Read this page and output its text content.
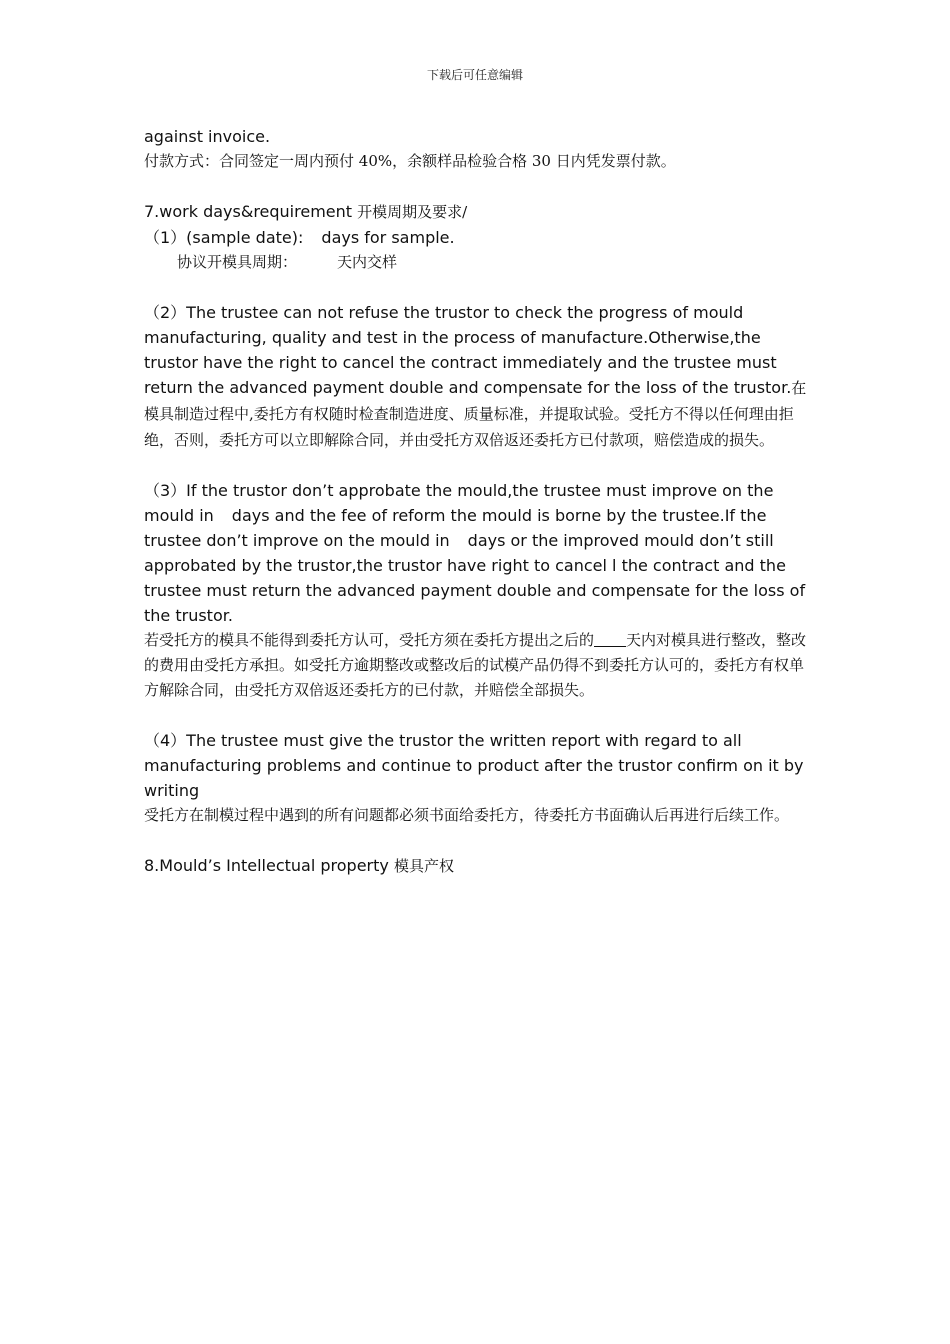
下载后可任意编辑

against invoice.

付款方式：合同签定一周内预付 40%，余额样品检验合格 30 日内凭发票付款。

7.work days&requirement 开模周期及要求/

（1）(sample date): days for sample.

协议开模具周期：	天内交样

（2）The trustee can not refuse the trustor to check the progress of mould manufacturing, quality and test in the process of manufacture.Otherwise,the trustor have the right to cancel the contract immediately and the trustee must return the advanced payment double and compensate for the loss of the trustor.在模具制造过程中,委托方有权随时检查制造进度、质量标准，并提取试验。受托方不得以任何理由拒绝，否则，委托方可以立即解除合同，并由受托方双倍返还委托方已付款项，赔偿造成的损失。

（3）If the trustor don’t approbate the mould,the trustee must improve on the mould in days and the fee of reform the mould is borne by the trustee.If the trustee don’t improve on the mould in days or the improved mould don’t still approbated by the trustor,the trustor have right to cancel l the contract and the trustee must return the advanced payment double and compensate for the loss of the trustor.

若受托方的模具不能得到委托方认可，受托方须在委托方提出之后的 天内对模具进行整改，整改的费用由受托方承担。如受托方逾期整改或整改后的试模产品仍得不到委托方认可的，委托方有权单方解除合同，由受托方双倍返还委托方的已付款，并赔偿全部损失。

（4）The trustee must give the trustor the written report with regard to all manufacturing problems and continue to product after the trustor confirm on it by writing

受托方在制模过程中遇到的所有问题都必须书面给委托方，待委托方书面确认后再进行后续工作。

8.Mould’s Intellectual property 模具产权
